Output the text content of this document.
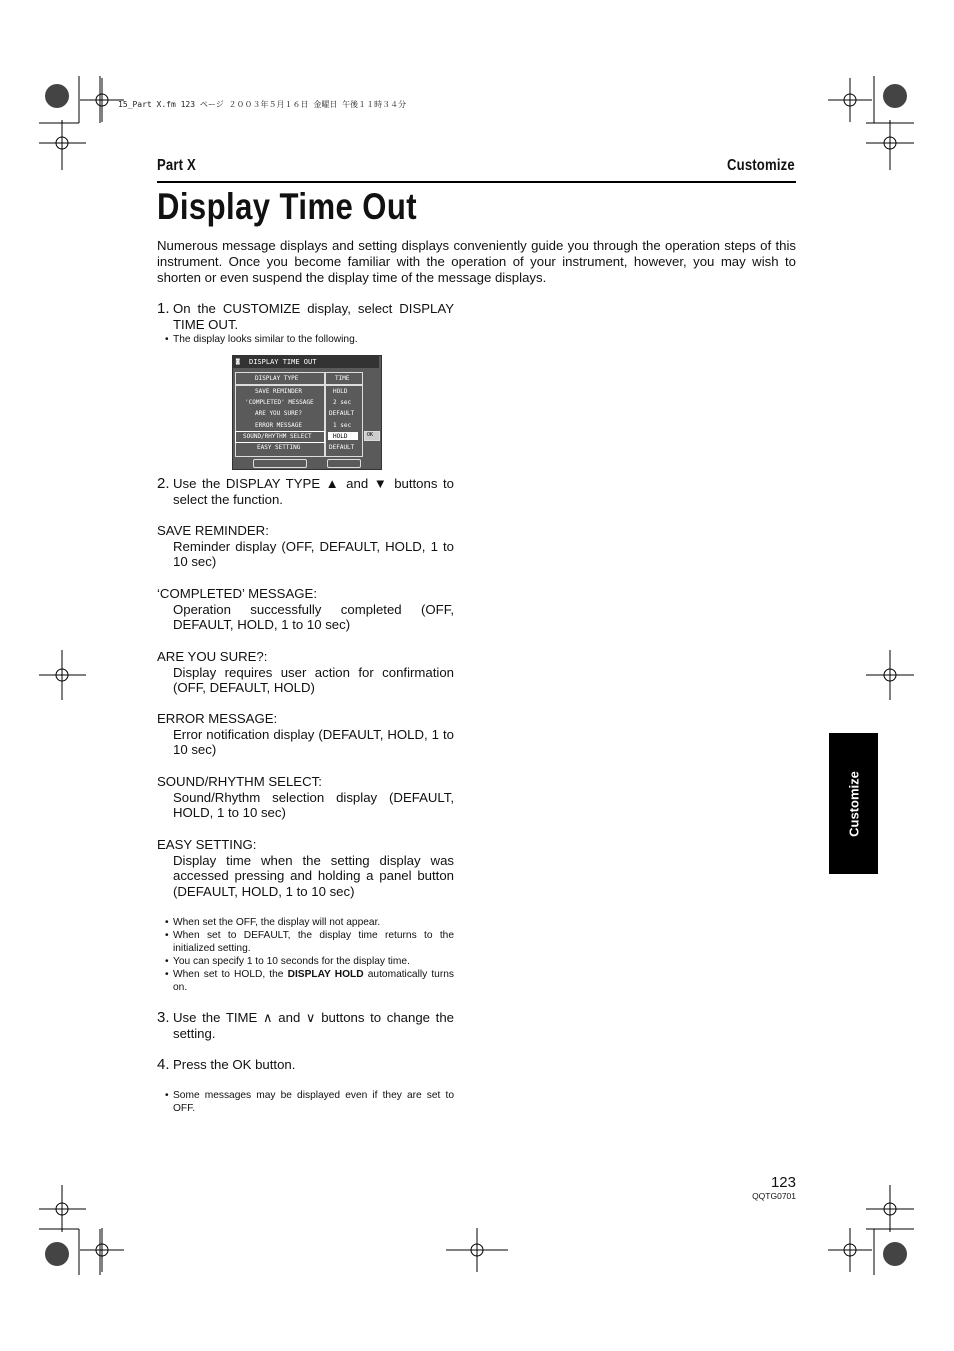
15_Part X.fm 123 ページ ２００３年５月１６日 金曜日 午後１１時３４分
Part X	Customize
Display Time Out
Numerous message displays and setting displays conveniently guide you through the operation steps of this instrument. Once you become familiar with the operation of your instrument, however, you may wish to shorten or even suspend the display time of the message displays.
1. On the CUSTOMIZE display, select DISPLAY TIME OUT.
• The display looks similar to the following.
◙ DISPLAY TIME OUT
DISPLAY TYPE	TIME
SAVE REMINDER	HOLD
'COMPLETED' MESSAGE	2 sec
ARE YOU SURE?	DEFAULT
ERROR MESSAGE	1 sec
SOUND/RHYTHM SELECT	HOLD
EASY SETTING	DEFAULT
OK
2. Use the DISPLAY TYPE ▲ and ▼ buttons to select the function.
SAVE REMINDER:
Reminder display (OFF, DEFAULT, HOLD, 1 to 10 sec)
‘COMPLETED’ MESSAGE:
Operation successfully completed (OFF, DEFAULT, HOLD, 1 to 10 sec)
ARE YOU SURE?:
Display requires user action for confirmation (OFF, DEFAULT, HOLD)
ERROR MESSAGE:
Error notification display (DEFAULT, HOLD, 1 to 10 sec)
SOUND/RHYTHM SELECT:
Sound/Rhythm selection display (DEFAULT, HOLD, 1 to 10 sec)
EASY SETTING:
Display time when the setting display was accessed pressing and holding a panel button (DEFAULT, HOLD, 1 to 10 sec)
• When set the OFF, the display will not appear.
• When set to DEFAULT, the display time returns to the initialized setting.
• You can specify 1 to 10 seconds for the display time.
• When set to HOLD, the DISPLAY HOLD automatically turns on.
3. Use the TIME ∧ and ∨ buttons to change the setting.
4. Press the OK button.
• Some messages may be displayed even if they are set to OFF.
Customize
123
QQTG0701
